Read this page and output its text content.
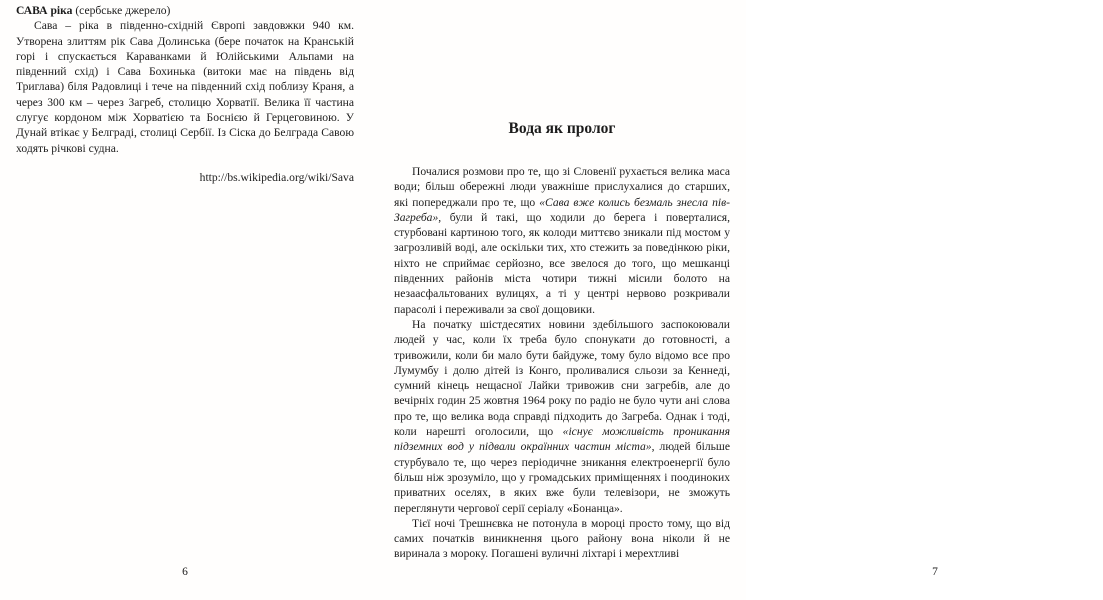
САВА ріка (сербське джерело)

Сава – ріка в південно-східній Європі завдовжки 940 км. Утворена злиттям рік Сава Долинська (бере початок на Кранській горі і спускається Караванками й Юлійськими Альпами на південний схід) і Сава Бохинька (витоки має на південь від Триглава) біля Радовлиці і тече на південний схід поблизу Краня, а через 300 км – через Загреб, столицю Хорватії. Велика її частина слугує кордоном між Хорватією та Боснією й Герцеговиною. У Дунай втікає у Белграді, столиці Сербії. Із Сіска до Белграда Савою ходять річкові судна.

http://bs.wikipedia.org/wiki/Sava

6
Вода як пролог

Почалися розмови про те, що зі Словенії рухається велика маса води; більш обережні люди уважніше прислухалися до старших, які попереджали про те, що «Сава вже колись безмаль знесла пів-Загреба», були й такі, що ходили до берега і поверталися, стурбовані картиною того, як колоди миттєво зникали під мостом у загрозливій воді, але оскільки тих, хто стежить за поведінкою ріки, ніхто не сприймає серйозно, все звелося до того, що мешканці південних районів міста чотири тижні місили болото на незаасфальтованих вулицях, а ті у центрі нервово розкривали парасолі і переживали за свої дощовики.

На початку шістдесятих новини здебільшого заспокоювали людей у час, коли їх треба було спонукати до готовності, а тривожили, коли би мало бути байдуже, тому було відомо все про Лумумбу і долю дітей із Конго, проливалися сльози за Кеннеді, сумний кінець нещасної Лайки тривожив сни загребів, але до вечірніх годин 25 жовтня 1964 року по радіо не було чути ані слова про те, що велика вода справді підходить до Загреба. Однак і тоді, коли нарешті оголосили, що «існує можливість проникання підземних вод у підвали окраїнних частин міста», людей більше стурбувало те, що через періодичне зникання електроенергії було більш ніж зрозуміло, що у громадських приміщеннях і поодиноких приватних оселях, в яких вже були телевізори, не зможуть переглянути чергової серії серіалу «Бонанца».

Тієї ночі Трешнєвка не потонула в мороці просто тому, що від самих початків виникнення цього району вона ніколи й не виринала з мороку. Погашені вуличні ліхтарі і мерехтливі

7
